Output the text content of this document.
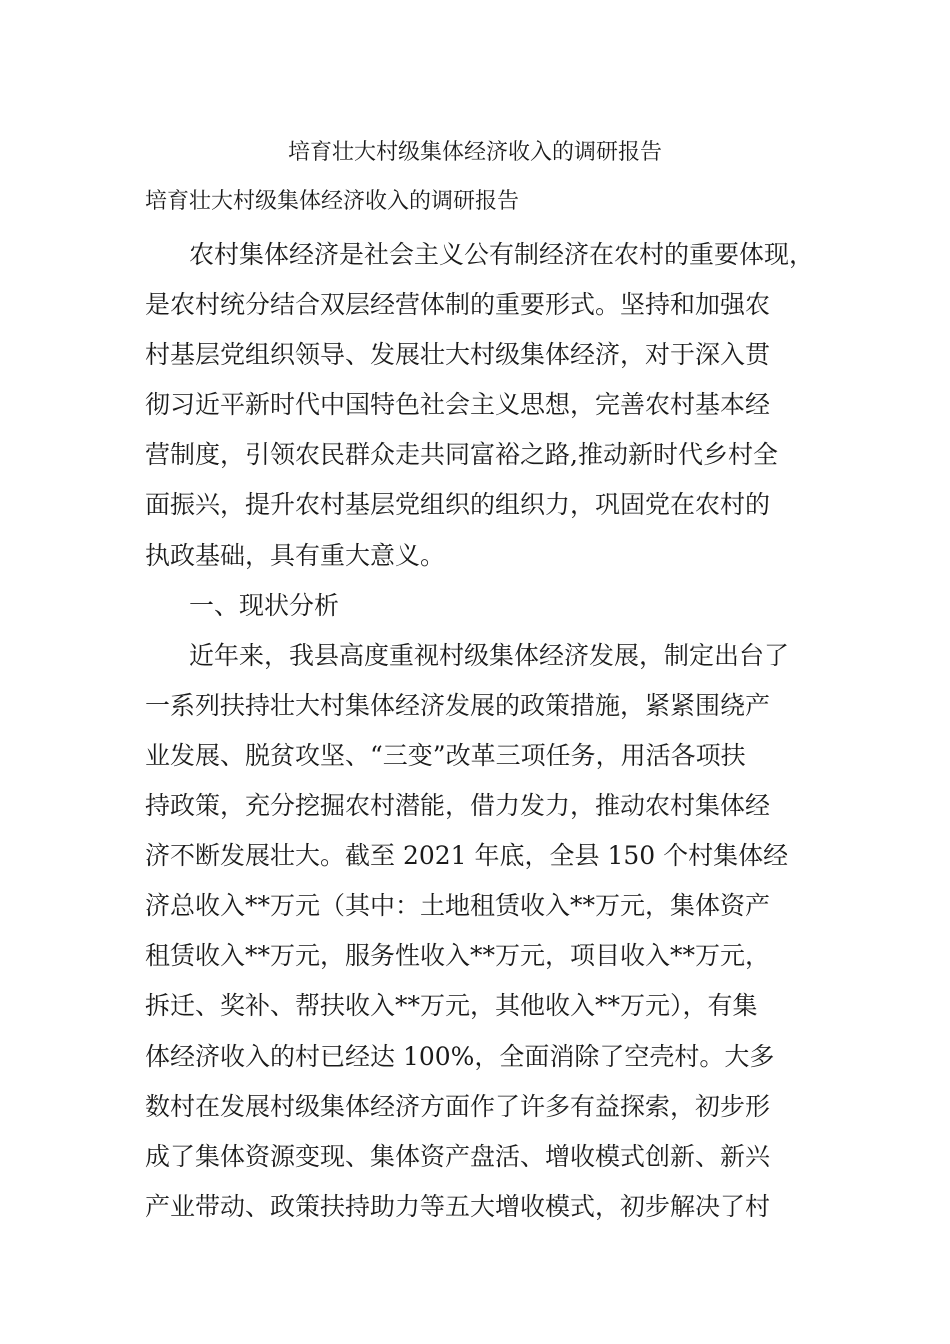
培育壮大村级集体经济收入的调研报告
培育壮大村级集体经济收入的调研报告
农村集体经济是社会主义公有制经济在农村的重要体现，
是农村统分结合双层经营体制的重要形式。坚持和加强农
村基层党组织领导、发展壮大村级集体经济，对于深入贯
彻习近平新时代中国特色社会主义思想，完善农村基本经
营制度，引领农民群众走共同富裕之路,推动新时代乡村全
面振兴，提升农村基层党组织的组织力，巩固党在农村的
执政基础，具有重大意义。
一、现状分析
近年来，我县高度重视村级集体经济发展，制定出台了
一系列扶持壮大村集体经济发展的政策措施，紧紧围绕产
业发展、脱贫攻坚、“三变”改革三项任务，用活各项扶
持政策，充分挖掘农村潜能，借力发力，推动农村集体经
济不断发展壮大。截至 2021 年底，全县 150 个村集体经
济总收入**万元（其中：土地租赁收入**万元，集体资产
租赁收入**万元，服务性收入**万元，项目收入**万元，
拆迁、奖补、帮扶收入**万元，其他收入**万元），有集
体经济收入的村已经达 100%，全面消除了空壳村。大多
数村在发展村级集体经济方面作了许多有益探索，初步形
成了集体资源变现、集体资产盘活、增收模式创新、新兴
产业带动、政策扶持助力等五大增收模式，初步解决了村
